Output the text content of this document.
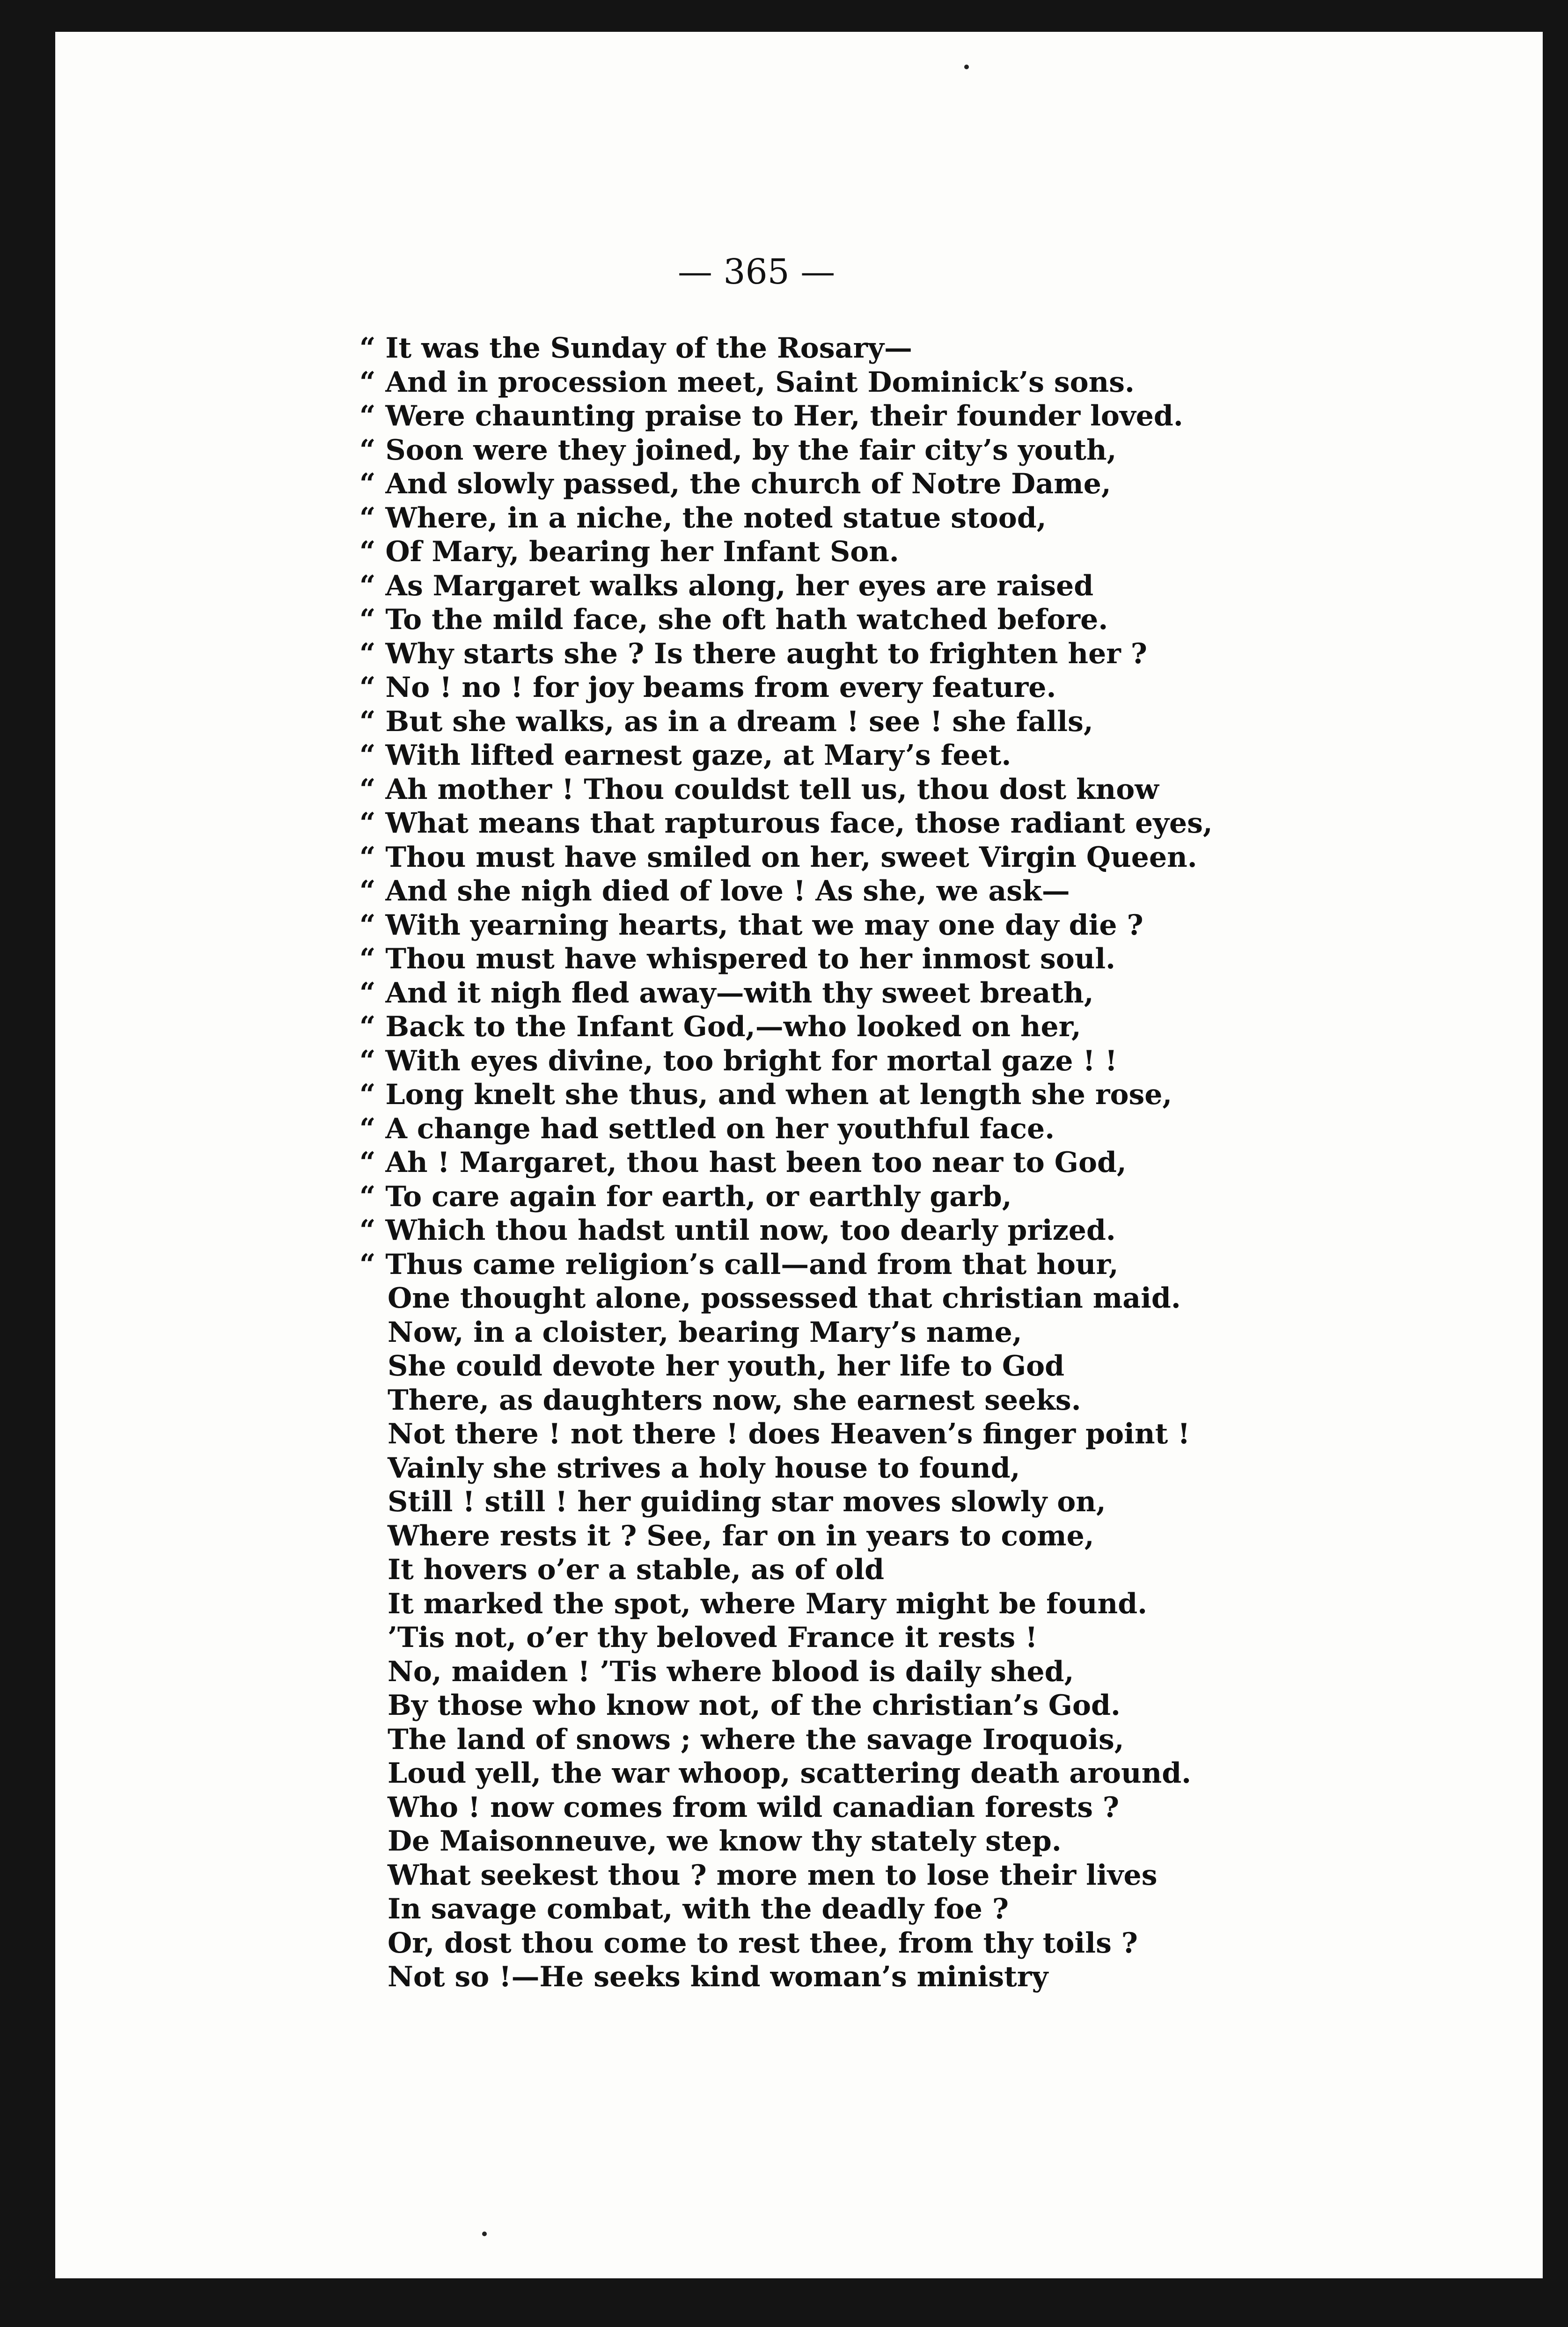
— 365 —
“ It was the Sunday of the Rosary—
“ And in procession meet, Saint Dominick’s sons.
“ Were chaunting praise to Her, their founder loved.
“ Soon were they joined, by the fair city’s youth,
“ And slowly passed, the church of Notre Dame,
“ Where, in a niche, the noted statue stood,
“ Of Mary, bearing her Infant Son.
“ As Margaret walks along, her eyes are raised
“ To the mild face, she oft hath watched before.
“ Why starts she ? Is there aught to frighten her ?
“ No ! no ! for joy beams from every feature.
“ But she walks, as in a dream ! see ! she falls,
“ With lifted earnest gaze, at Mary’s feet.
“ Ah mother ! Thou couldst tell us, thou dost know
“ What means that rapturous face, those radiant eyes,
“ Thou must have smiled on her, sweet Virgin Queen.
“ And she nigh died of love ! As she, we ask—
“ With yearning hearts, that we may one day die ?
“ Thou must have whispered to her inmost soul.
“ And it nigh fled away—with thy sweet breath,
“ Back to the Infant God,—who looked on her,
“ With eyes divine, too bright for mortal gaze ! !
“ Long knelt she thus, and when at length she rose,
“ A change had settled on her youthful face.
“ Ah ! Margaret, thou hast been too near to God,
“ To care again for earth, or earthly garb,
“ Which thou hadst until now, too dearly prized.
“ Thus came religion’s call—and from that hour,
One thought alone, possessed that christian maid.
Now, in a cloister, bearing Mary’s name,
She could devote her youth, her life to God
There, as daughters now, she earnest seeks.
Not there ! not there ! does Heaven’s finger point !
Vainly she strives a holy house to found,
Still ! still ! her guiding star moves slowly on,
Where rests it ? See, far on in years to come,
It hovers o’er a stable, as of old
It marked the spot, where Mary might be found.
’Tis not, o’er thy beloved France it rests !
No, maiden ! ’Tis where blood is daily shed,
By those who know not, of the christian’s God.
The land of snows ; where the savage Iroquois,
Loud yell, the war whoop, scattering death around.
Who ! now comes from wild canadian forests ?
De Maisonneuve, we know thy stately step.
What seekest thou ? more men to lose their lives
In savage combat, with the deadly foe ?
Or, dost thou come to rest thee, from thy toils ?
Not so !—He seeks kind woman’s ministry
